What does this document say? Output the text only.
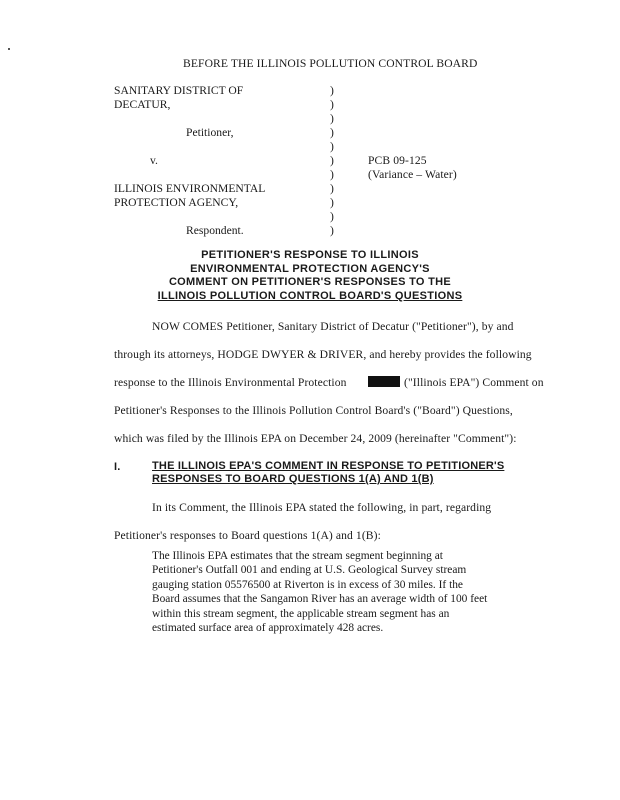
BEFORE THE ILLINOIS POLLUTION CONTROL BOARD
SANITARY DISTRICT OF
DECATUR,
Petitioner,
v.
ILLINOIS ENVIRONMENTAL
PROTECTION AGENCY,
Respondent.
)
)
)
)
)
)
)
)
)
)
)
PCB 09-125
(Variance – Water)
PETITIONER'S RESPONSE TO ILLINOIS
ENVIRONMENTAL PROTECTION AGENCY'S
COMMENT ON PETITIONER'S RESPONSES TO THE
ILLINOIS POLLUTION CONTROL BOARD'S QUESTIONS
NOW COMES Petitioner, Sanitary District of Decatur ("Petitioner"), by and
through its attorneys, HODGE DWYER & DRIVER, and hereby provides the following
response to the Illinois Environmental Protection	("Illinois EPA") Comment on
Petitioner's Responses to the Illinois Pollution Control Board's ("Board") Questions,
which was filed by the Illinois EPA on December 24, 2009 (hereinafter "Comment"):
I.	THE ILLINOIS EPA'S COMMENT IN RESPONSE TO PETITIONER'S
RESPONSES TO BOARD QUESTIONS 1(A) AND 1(B)
In its Comment, the Illinois EPA stated the following, in part, regarding
Petitioner's responses to Board questions 1(A) and 1(B):
The Illinois EPA estimates that the stream segment beginning at
Petitioner's Outfall 001 and ending at U.S. Geological Survey stream
gauging station 05576500 at Riverton is in excess of 30 miles. If the
Board assumes that the Sangamon River has an average width of 100 feet
within this stream segment, the applicable stream segment has an
estimated surface area of approximately 428 acres.
